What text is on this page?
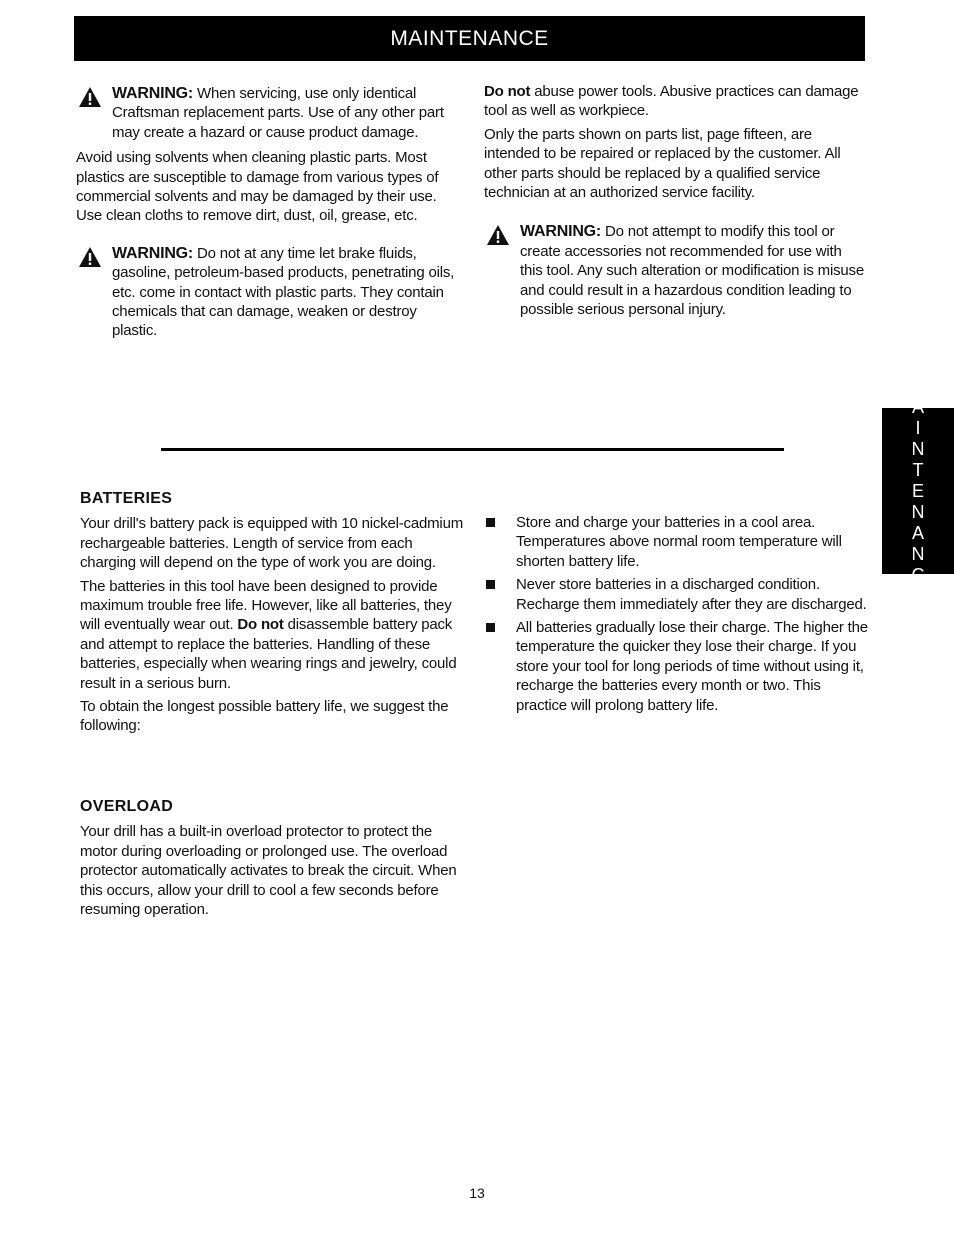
MAINTENANCE
WARNING: When servicing, use only identical Craftsman replacement parts. Use of any other part may create a hazard or cause product damage.

Avoid using solvents when cleaning plastic parts. Most plastics are susceptible to damage from various types of commercial solvents and may be damaged by their use. Use clean cloths to remove dirt, dust, oil, grease, etc.

WARNING: Do not at any time let brake fluids, gasoline, petroleum-based products, penetrating oils, etc. come in contact with plastic parts. They contain chemicals that can damage, weaken or destroy plastic.

Do not abuse power tools. Abusive practices can damage tool as well as workpiece.

Only the parts shown on parts list, page fifteen, are intended to be repaired or replaced by the customer. All other parts should be replaced by a qualified service technician at an authorized service facility.

WARNING: Do not attempt to modify this tool or create accessories not recommended for use with this tool. Any such alteration or modification is misuse and could result in a hazardous condition leading to possible serious personal injury.
MAINTENANCE
BATTERIES

Your drill's battery pack is equipped with 10 nickel-cadmium rechargeable batteries. Length of service from each charging will depend on the type of work you are doing.

The batteries in this tool have been designed to provide maximum trouble free life. However, like all batteries, they will eventually wear out. Do not disassemble battery pack and attempt to replace the batteries. Handling of these batteries, especially when wearing rings and jewelry, could result in a serious burn.

To obtain the longest possible battery life, we suggest the following:

Store and charge your batteries in a cool area. Temperatures above normal room temperature will shorten battery life.
Never store batteries in a discharged condition. Recharge them immediately after they are discharged.
All batteries gradually lose their charge. The higher the temperature the quicker they lose their charge. If you store your tool for long periods of time without using it, recharge the batteries every month or two. This practice will prolong battery life.
OVERLOAD

Your drill has a built-in overload protector to protect the motor during overloading or prolonged use. The overload protector automatically activates to break the circuit. When this occurs, allow your drill to cool a few seconds before resuming operation.

13
